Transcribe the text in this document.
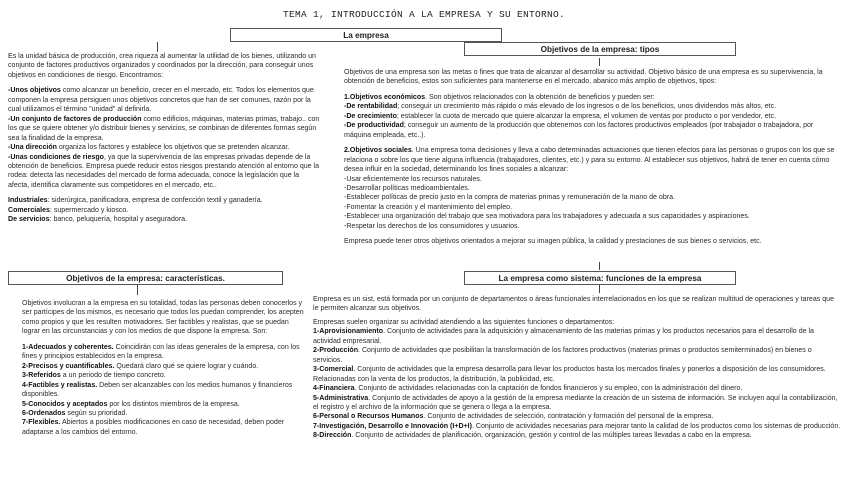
TEMA 1, INTRODUCCIÓN A LA EMPRESA Y SU ENTORNO.
La empresa
Objetivos de la empresa: tipos

Es la unidad básica de producción, crea riqueza al aumentar la utilidad de los bienes, utilizando un conjunto de factores productivos organizados y coordinados por la dirección, para conseguir unos objetivos en condiciones de riesgo. Encontramos:

-Unos objetivos como alcanzar un beneficio, crecer en el mercado, etc. Todos los elementos que componen la empresa persiguen unos objetivos concretos que han de ser comunes, razón por la cual utilizamos el término "unidad" al definirla.

-Un conjunto de factores de producción como edificios, máquinas, materias primas, trabajo.. con los que se quiere obtener y/o distribuir bienes y servicios, se combinan de diferentes formas según sea la finalidad de la empresa.

-Una dirección organiza los factores y establece los objetivos que se pretenden alcanzar.

-Unas condiciones de riesgo, ya que la supervivencia de las empresas privadas depende de la obtención de beneficios. Empresa puede reducir estos riesgos prestando atención al entorno que la rodea: detecta las necesidades del mercado de forma adecuada, conoce la legislación que la afecta, identifica claramente sus competidores en el mercado, etc..

Industriales: siderúrgica, panificadora, empresa de confección textil y ganadería.

Comerciales: supermercado y kiosco.

De servicios: banco, peluquería, hospital y aseguradora.

Objetivos de la empresa: características.

Objetivos involucran a la empresa en su totalidad, todas las personas deben conocerlos y ser partícipes de los mismos, es necesario que todos los puedan comprender, los acepten como propios y que les resulten motivadores. Ser factibles y realistas, que se puedan lograr en las circunstancias y con los medios de que dispone la empresa. Son:

1-Adecuados y coherentes. Coincidirán con las ideas generales de la empresa, con los fines y principios establecidos en la empresa.

2-Precisos y cuantificables. Quedará claro qué se quiere lograr y cuándo.

3-Referidos a un periodo de tiempo concreto.

4-Factibles y realistas. Deben ser alcanzables con los medios humanos y financieros disponibles.

5-Conocidos y aceptados por los distintos miembros de la empresa.

6-Ordenados según su prioridad.

7-Flexibles. Abiertos a posibles modificaciones en caso de necesidad, deben poder adaptarse a los cambios del entorno.

Objetivos de una empresa son las metas o fines que trata de alcanzar al desarrollar su actividad. Objetivo básico de una empresa es su supervivencia, la obtención de beneficios, estos son suficientes para mantenerse en el mercado, abanico más amplio de objetivos, tipos:

1.Objetivos económicos. Son objetivos relacionados con la obtención de beneficios y pueden ser:

-De rentabilidad; conseguir un crecimiento más rápido o más elevado de los ingresos o de los beneficios, unos dividendos más altos, etc.

-De crecimiento; establecer la cuota de mercado que quiere alcanzar la empresa, el volumen de ventas por producto o por vendedor, etc.

-De productividad; conseguir un aumento de la producción que obtenemos con los factores productivos empleados (por trabajador o trabajadora, por máquina empleada, etc..).

2.Objetivos sociales. Una empresa toma decisiones y lleva a cabo determinadas actuaciones que tienen efectos para las personas o grupos con los que se relaciona o sobre los que tiene alguna influencia (trabajadores, clientes, etc.) y para su entorno. Al establecer sus objetivos, habrá de tener en cuenta cómo desea influir en la sociedad, determinando los fines sociales a alcanzar:

-Usar eficientemente los recursos naturales.

-Desarrollar políticas medioambientales.

-Establecer políticas de precio justo en la compra de materias primas y remuneración de la mano de obra.

-Fomentar la creación y el mantenimiento del empleo.

-Establecer una organización del trabajo que sea motivadora para los trabajadores y adecuada a sus capacidades y aspiraciones.

-Respetar los derechos de los consumidores y usuarios.

Empresa puede tener otros objetivos orientados a mejorar su imagen pública, la calidad y prestaciones de sus bienes o servicios, etc.

La empresa como sistema: funciones de la empresa

Empresa es un sist, está formada por un conjunto de departamentos o áreas funcionales interrelacionados en los que se realizan multitud de operaciones y tareas que le permiten alcanzar sus objetivos.

Empresas suelen organizar su actividad atendiendo a las siguientes funciones o departamentos:

1-Aprovisionamiento. Conjunto de actividades para la adquisición y almacenamiento de las materias primas y los productos necesarios para el desarrollo de la actividad empresarial.

2-Producción. Conjunto de actividades que posibilitan la transformación de los factores productivos (materias primas o productos semiterminados) en bienes o servicios.

3-Comercial. Conjunto de actividades que la empresa desarrolla para llevar los productos hasta los mercados finales y ponerlos a disposición de los consumidores. Relacionadas con la venta de los productos, la distribución, la publicidad, etc.

4-Financiera. Conjunto de actividades relacionadas con la captación de fondos financieros y su empleo, con la administración del dinero.

5-Administrativa. Conjunto de actividades de apoyo a la gestión de la empresa mediante la creación de un sistema de información. Se incluyen aquí la contabilización, el registro y el archivo de la información que se genera o llega a la empresa.

6-Personal o Recursos Humanos. Conjunto de actividades de selección, contratación y formación del personal de la empresa.

7-Investigación, Desarrollo e Innovación (I+D+I). Conjunto de actividades necesarias para mejorar tanto la calidad de los productos como los sistemas de producción.

8-Dirección. Conjunto de actividades de planificación, organización, gestión y control de las múltiples tareas llevadas a cabo en la empresa.
